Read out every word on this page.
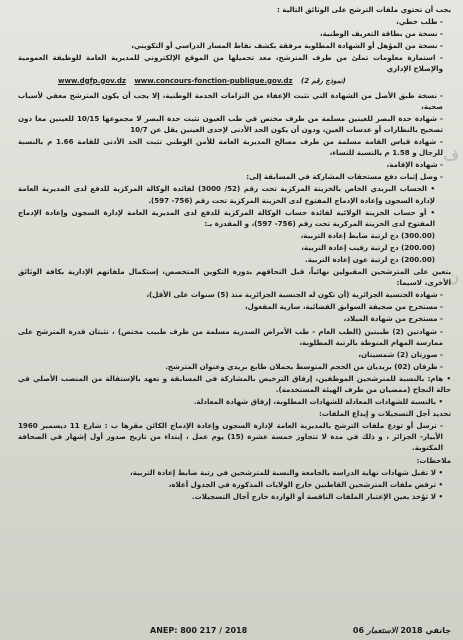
ف
ن
يجب أن تحتوي ملفات الترشح على الوثائق التالية :
- طلب خطي،
- نسخة من بطاقة التعريف الوطنية،
- نسخة من المؤهل أو الشهادة المطلوبة مرفقة بكشف نقاط المسار الدراسي أو التكويني،
- استمارة معلومات تملئ من طرف المترشح، معد تحميلها من الموقع الإلكتروني للمديرية العامة للوظيفة العمومية والإصلاح الإداري
www.dgfp.gov.dz www.concours-fonction-publique.gov.dz (نموذج رقم 2)
- نسخة طبق الأصل من الشهادة التي تثبت الإعفاء من التزامات الخدمة الوطنية، إلا يجب أن يكون المترشح معفي لأسباب صحية،
- شهادة حدة البصر للعينين مسلمة من طرف مختص في طب العيون تثبت حدة البصر لا مجموعها 10/15 للعينين معا دون تصحيح بالنظارات أو عدسات العين، ودون أن يكون الحد الأدنى لإحدى العينين يقل عن 10/7
- شهادة قياس القامة مسلمة من طرف مصالح المديرية العامة للأمن الوطني تثبت الحد الأدنى للقامة 1.66 م بالنسبة للرجال و 1.58 م بالنسبة للنساء،
- شهادة الإقامة،
- وصل إثبات دفع مستحقات المشاركة في المسابقة إلى:
• الحساب البريدي الخاص بالخزينة المركزية تحت رقم (52/ 3000) لفائدة الوكالة المركزية للدفع لدى المديرية العامة لإدارة السجون وإعادة الإدماج المفتوح لدى الخزينة المركزية تحت رقم (756- 597).
• أو حساب الخزينة الولائية لفائدة حساب الوكالة المركزية للدفع لدى المديرية العامة لإدارة السجون وإعادة الإدماج المفتوح لدى الخزينة المركزية تحت رقم (756- 597)، و المقدرة بـ:
(300.00) دج لرتبة ضابط إعادة التربية،
(200.00) دج لرتبة رقيب إعادة التربية،
(200.00) دج لرتبة عون إعادة التربية.
يتعين على المترشحين المقبولين نهائياً، قبل التحاقهم بدورة التكوين المتخصص، إستكمال ملفاتهم الإدارية بكافة الوثائق الأخرى، لاسيما:
- شهادة الجنسية الجزائرية (أن تكون له الجنسية الجزائرية منذ (5) سنوات على الأقل)،
- مستخرج من صحيفة السوابق القضائية، سارية المفعول،
- مستخرج من شهادة الميلاد،
- شهادتين (2) طبيتين (الطب العام - طب الأمراض الصدرية مسلمة من طرف طبيب مختص) ، تثبتان قدرة المترشح على ممارسة المهام المنوطة بالرتبة المطلوبة،
- صورتان (2) شمسيتان،
- ظرفان (02) بريديان من الحجم المتوسط يحملان طابع بريدي وعنوان المترشح.
• هام: بالنسبة للمترشحين الموظفين، إرفاق الترخيص بالمشاركة في المسابقة و تعهد بالإستقالة من المنصب الأصلي في حالة النجاح (ممضيان من طرف الهيئة المستخدمة).
• بالنسبة للشهادات المعادلة للشهادات المطلوبة، إرفاق شهادة المعادلة.
تحديد آجل التسجيلات و إيداع الملفات:
- ترسل أو تودع ملفات الترشح بالمديرية العامة لإدارة السجون وإعادة الإدماج الكائن مقرها ب : شارع 11 ديسمبر 1960 الأبيار- الجزائر ، و ذلك في مدة لا تتجاوز خمسة عشرة (15) يوم عمل ، إبتداء من تاريخ صدور أول إشهار في الصحافة المكتوبة.
ملاحظات:
• لا تقبل شهادات نهاية الدراسة بالجامعة والنسبة للمترشحين في رتبة ضابط إعادة التربية،
• ترفض ملفات المترشحين القاطنين خارج الولايات المذكورة في الجدول أعلاه،
• لا تؤخذ بعين الإعتبار الملفات الناقصة أو الواردة خارج آجال التسجيلات.
ANEP: 800 217 / 2018	06 جانفي 2018 الاستعمار
